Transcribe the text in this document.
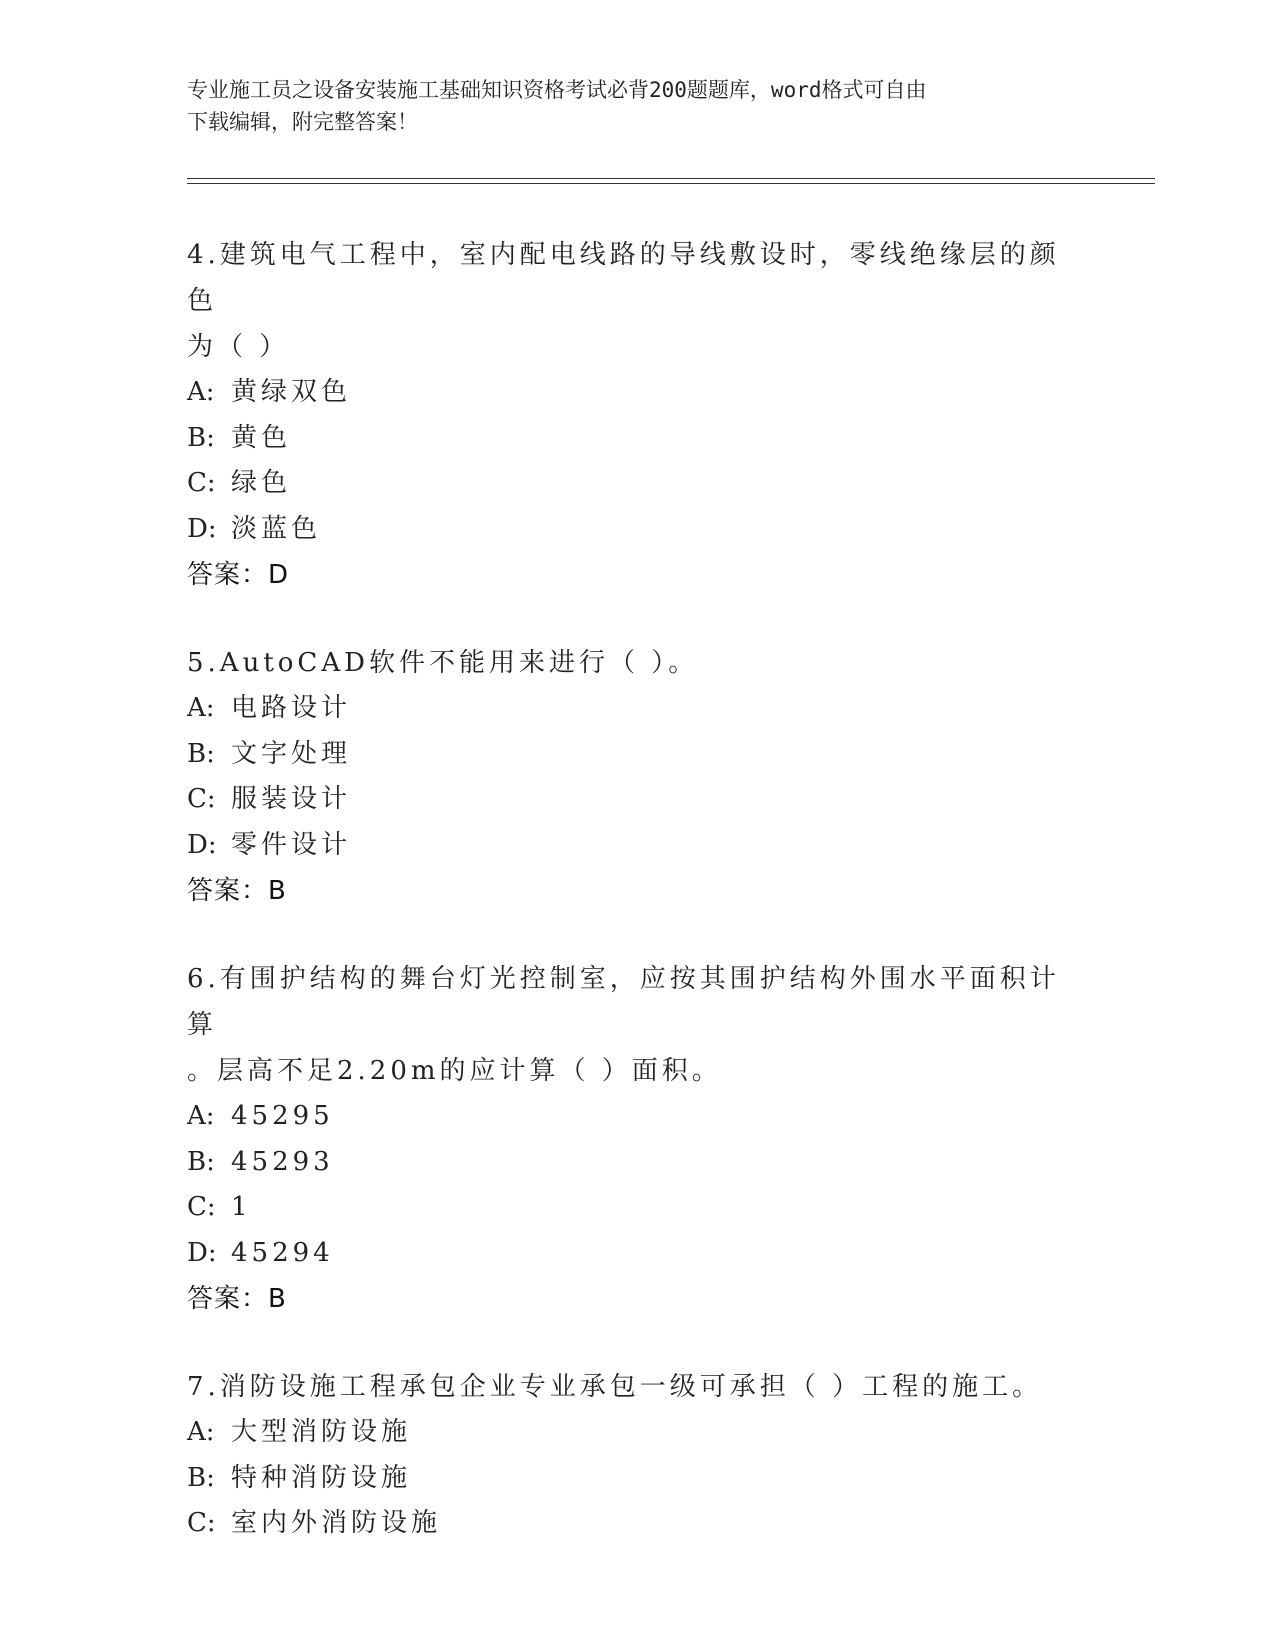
专业施工员之设备安装施工基础知识资格考试必背200题题库，word格式可自由
下载编辑，附完整答案！
4.建筑电气工程中，室内配电线路的导线敷设时，零线绝缘层的颜色
为（ ）
A: 黄绿双色
B: 黄色
C: 绿色
D: 淡蓝色
答案：D
5.AutoCAD软件不能用来进行（ ）。
A: 电路设计
B: 文字处理
C: 服装设计
D: 零件设计
答案：B
6.有围护结构的舞台灯光控制室，应按其围护结构外围水平面积计算
。层高不足2.20m的应计算（ ）面积。
A: 45295
B: 45293
C: 1
D: 45294
答案：B
7.消防设施工程承包企业专业承包一级可承担（ ）工程的施工。
A: 大型消防设施
B: 特种消防设施
C: 室内外消防设施
